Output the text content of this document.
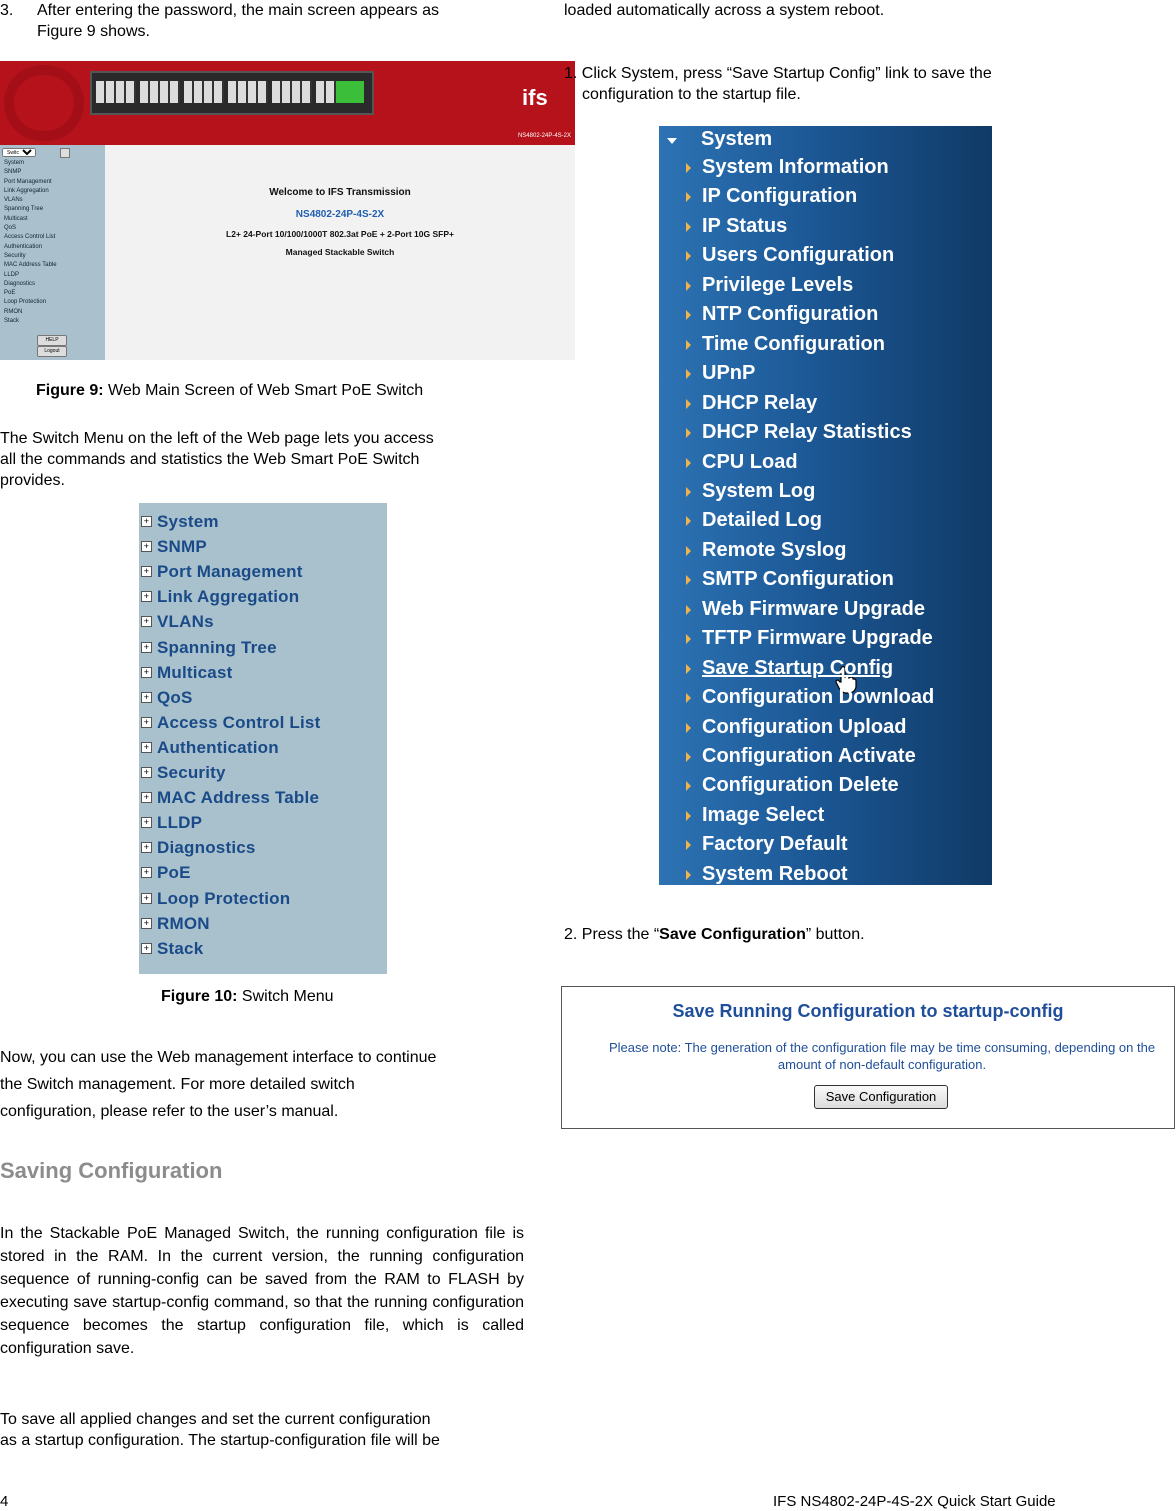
3.	After entering the password, the main screen appears as
Figure 9 shows.
ifs
NS4802-24P-4S-2X
Switch 1
System
SNMP
Port Management
Link Aggregation
VLANs
Spanning Tree
Multicast
QoS
Access Control List
Authentication
Security
MAC Address Table
LLDP
Diagnostics
PoE
Loop Protection
RMON
Stack
HELP
Logout
Welcome to IFS Transmission
NS4802-24P-4S-2X
L2+ 24-Port 10/100/1000T 802.3at PoE + 2-Port 10G SFP+
Managed Stackable Switch
Figure 9: Web Main Screen of Web Smart PoE Switch
The Switch Menu on the left of the Web page lets you access
all the commands and statistics the Web Smart PoE Switch
provides.
+ System
+ SNMP
+ Port Management
+ Link Aggregation
+ VLANs
+ Spanning Tree
+ Multicast
+ QoS
+ Access Control List
+ Authentication
+ Security
+ MAC Address Table
+ LLDP
+ Diagnostics
+ PoE
+ Loop Protection
+ RMON
+ Stack
Figure 10: Switch Menu
Now, you can use the Web management interface to continue
the Switch management. For more detailed switch
configuration, please refer to the user’s manual.
Saving Configuration
In the Stackable PoE Managed Switch, the running configuration file is stored in the RAM. In the current version, the running configuration sequence of running-config can be saved from the RAM to FLASH by executing save startup-config command, so that the running configuration sequence becomes the startup configuration file, which is called configuration save.
To save all applied changes and set the current configuration
as a startup configuration. The startup-configuration file will be
loaded automatically across a system reboot.
1. Click System, press “Save Startup Config” link to save the
configuration to the startup file.
System
System Information
IP Configuration
IP Status
Users Configuration
Privilege Levels
NTP Configuration
Time Configuration
UPnP
DHCP Relay
DHCP Relay Statistics
CPU Load
System Log
Detailed Log
Remote Syslog
SMTP Configuration
Web Firmware Upgrade
TFTP Firmware Upgrade
Save Startup Config
Configuration Download
Configuration Upload
Configuration Activate
Configuration Delete
Image Select
Factory Default
System Reboot
2. Press the “Save Configuration” button.
Save Running Configuration to startup-config
Please note: The generation of the configuration file may be time consuming, depending on the
amount of non-default configuration.
Save Configuration
4	IFS NS4802-24P-4S-2X Quick Start Guide
